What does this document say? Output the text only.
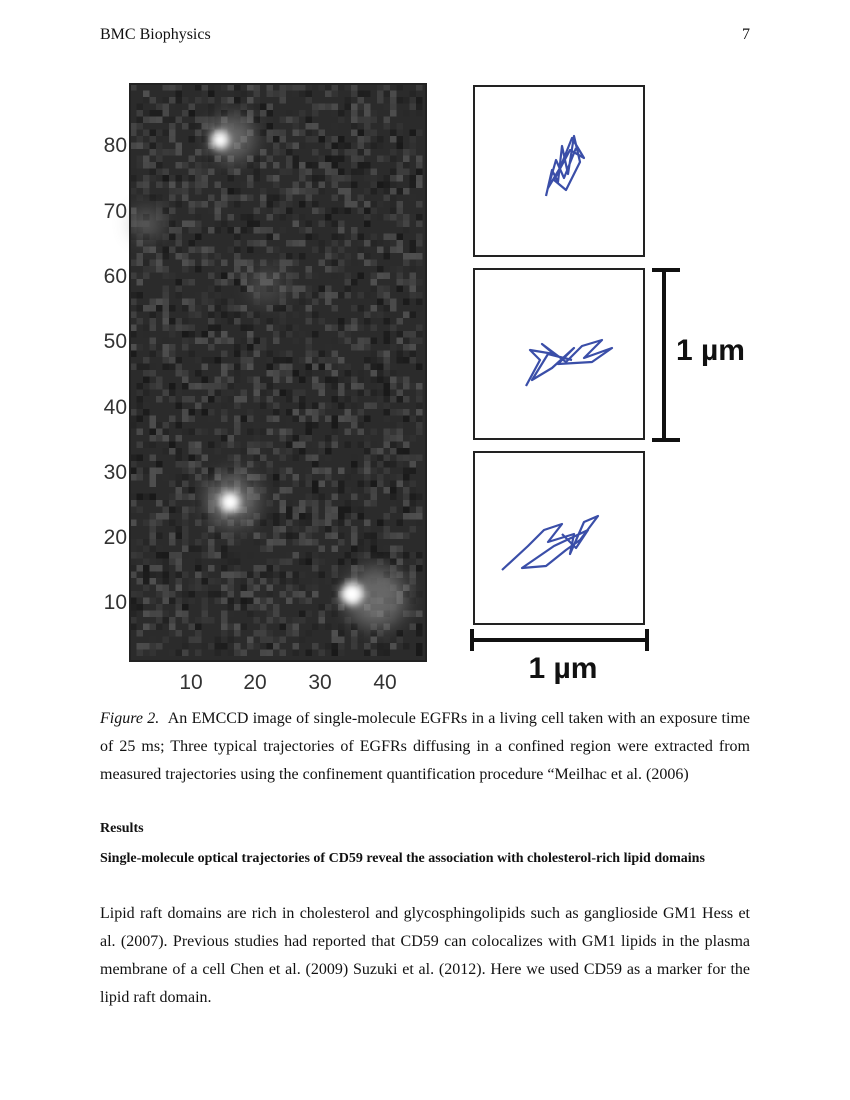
BMC Biophysics	7
80
70
60
50
40
30
20
10
10 20 30 40
1 µm
1 µm
Figure 2. An EMCCD image of single-molecule EGFRs in a living cell taken with an exposure time of 25 ms; Three typical trajectories of EGFRs diffusing in a confined region were extracted from measured trajectories using the confinement quantification procedure “Meilhac et al. (2006)
Results
Single-molecule optical trajectories of CD59 reveal the association with cholesterol-rich lipid domains
Lipid raft domains are rich in cholesterol and glycosphingolipids such as ganglioside GM1 Hess et al. (2007). Previous studies had reported that CD59 can colocalizes with GM1 lipids in the plasma membrane of a cell Chen et al. (2009) Suzuki et al. (2012). Here we used CD59 as a marker for the lipid raft domain.
